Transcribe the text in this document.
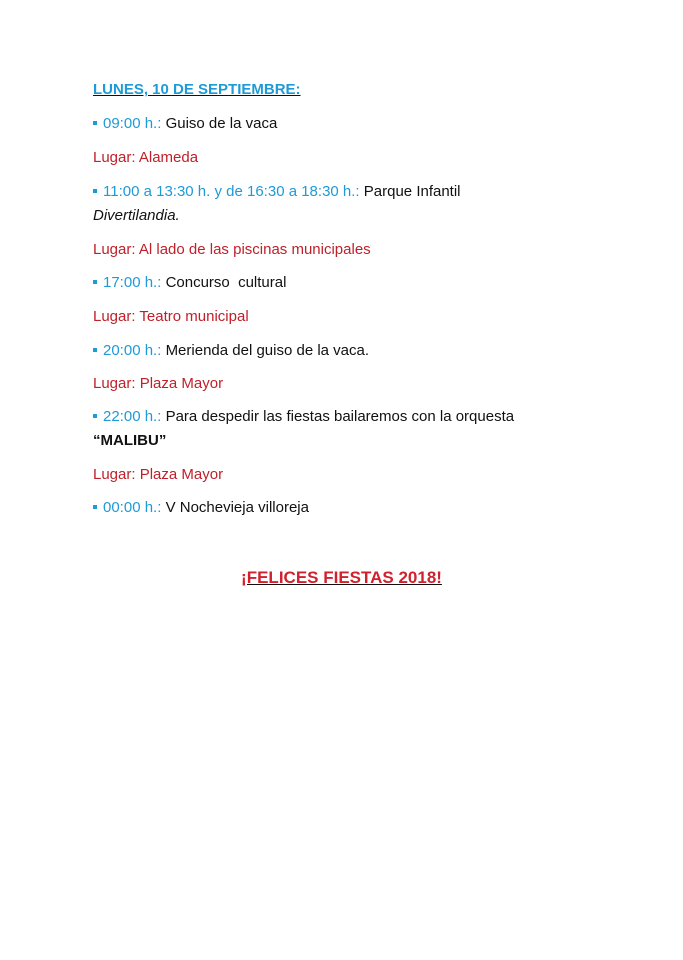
LUNES, 10 DE SEPTIEMBRE:
09:00 h.: Guiso de la vaca
Lugar: Alameda
11:00 a 13:30 h. y de 16:30 a 18:30 h.: Parque Infantil
Divertilandia.
Lugar: Al lado de las piscinas municipales
17:00 h.: Concurso  cultural
Lugar: Teatro municipal
20:00 h.: Merienda del guiso de la vaca.
Lugar: Plaza Mayor
22:00 h.: Para despedir las fiestas bailaremos con la orquesta
“MALIBU”
Lugar: Plaza Mayor
00:00 h.: V Nochevieja villoreja
¡FELICES FIESTAS 2018!
